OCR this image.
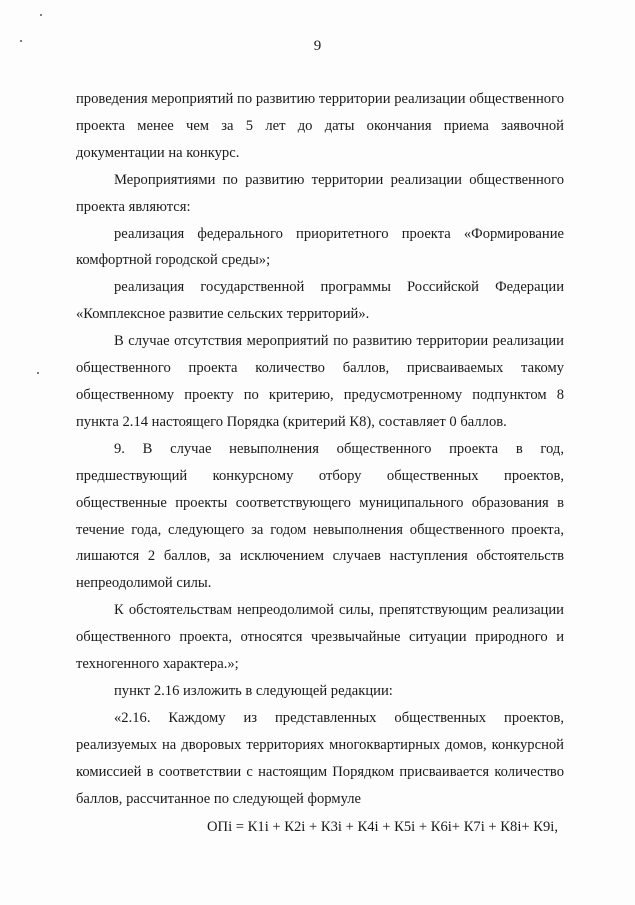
9

проведения мероприятий по развитию территории реализации общественного проекта менее чем за 5 лет до даты окончания приема заявочной документации на конкурс.

Мероприятиями по развитию территории реализации общественного проекта являются:

реализация федерального приоритетного проекта «Формирование комфортной городской среды»;

реализация государственной программы Российской Федерации «Комплексное развитие сельских территорий».

В случае отсутствия мероприятий по развитию территории реализации общественного проекта количество баллов, присваиваемых такому общественному проекту по критерию, предусмотренному подпунктом 8 пункта 2.14 настоящего Порядка (критерий К8), составляет 0 баллов.

9. В случае невыполнения общественного проекта в год, предшествующий конкурсному отбору общественных проектов, общественные проекты соответствующего муниципального образования в течение года, следующего за годом невыполнения общественного проекта, лишаются 2 баллов, за исключением случаев наступления обстоятельств непреодолимой силы.

К обстоятельствам непреодолимой силы, препятствующим реализации общественного проекта, относятся чрезвычайные ситуации природного и техногенного характера.»;

пункт 2.16 изложить в следующей редакции:

«2.16. Каждому из представленных общественных проектов, реализуемых на дворовых территориях многоквартирных домов, конкурсной комиссией в соответствии с настоящим Порядком присваивается количество баллов, рассчитанное по следующей формуле

ОПi = К1i + К2i + К3i + К4i + К5i + К6i+ К7i + К8i+ К9i,
